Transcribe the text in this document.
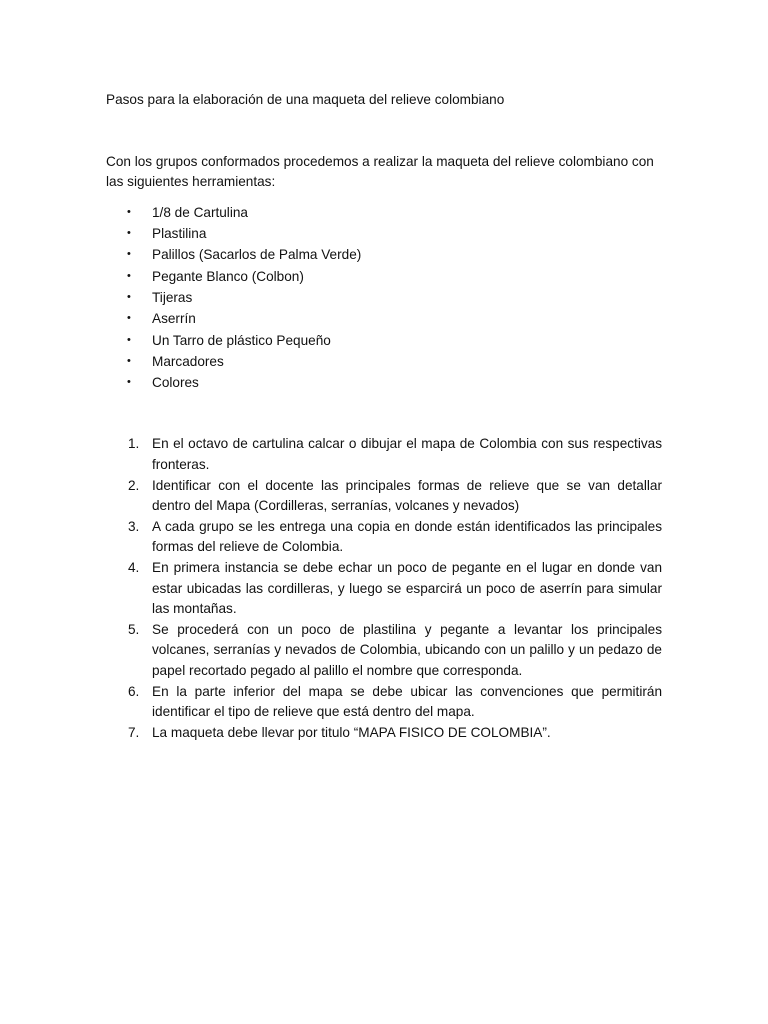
Pasos para la elaboración de una maqueta del relieve colombiano

Con los grupos conformados procedemos a realizar la maqueta del relieve colombiano con las siguientes herramientas:

• 1/8 de Cartulina
• Plastilina
• Palillos (Sacarlos de Palma Verde)
• Pegante Blanco (Colbon)
• Tijeras
• Aserrín
• Un Tarro de plástico Pequeño
• Marcadores
• Colores
1. En el octavo de cartulina calcar o dibujar el mapa de Colombia con sus respectivas fronteras.
2. Identificar con el docente las principales formas de relieve que se van detallar dentro del Mapa (Cordilleras, serranías, volcanes y nevados)
3. A cada grupo se les entrega una copia en donde están identificados las principales formas del relieve de Colombia.
4. En primera instancia se debe echar un poco de pegante en el lugar en donde van estar ubicadas las cordilleras, y luego se esparcirá un poco de aserrín para simular las montañas.
5. Se procederá con un poco de plastilina y pegante a levantar los principales volcanes, serranías y nevados de Colombia, ubicando con un palillo y un pedazo de papel recortado pegado al palillo el nombre que corresponda.
6. En la parte inferior del mapa se debe ubicar las convenciones que permitirán identificar el tipo de relieve que está dentro del mapa.
7. La maqueta debe llevar por titulo “MAPA FISICO DE COLOMBIA”.
